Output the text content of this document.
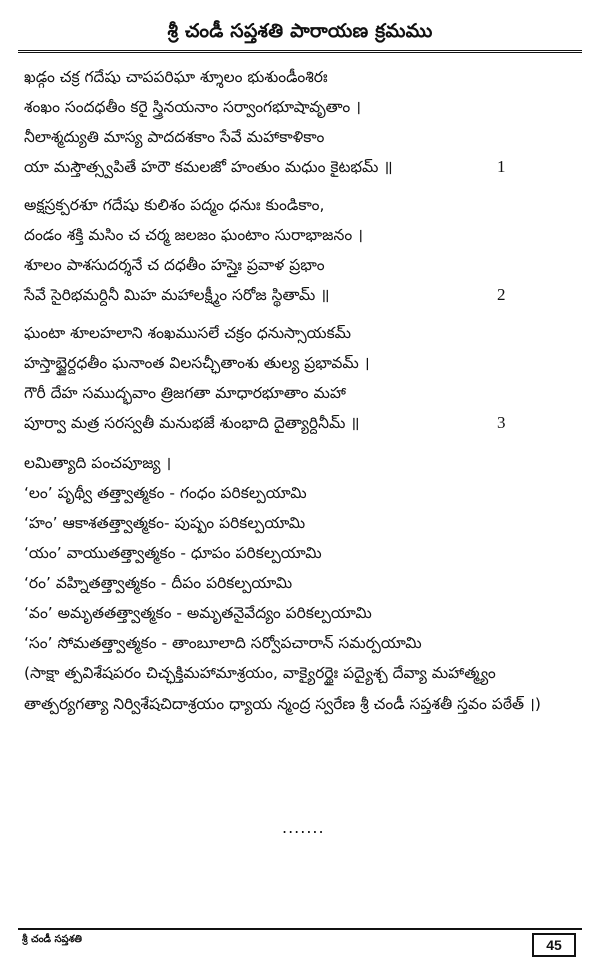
శ్రీ చండీ సప్తశతి పారాయణ క్రమము
ఖడ్గం చక్ర గదేషు చాపపరిఘా శ్శూలం భుశుండీంశిరః
శంఖం సందధతీం కరై స్త్రినయనాం సర్వాంగభూషావృతాం ।
నీలాశ్మద్యుతి మాస్య పాదదశకాం సేవే మహాకాళికాం
యా మస్తౌత్స్వపితే హరౌ కమలజో హంతుం మధుం కైటభమ్ ॥	1
అక్షస్రక్పరశూ గదేషు కులిశం పద్మం ధనుః కుండికాం,
దండం శక్తి మసిం చ చర్మ జలజం ఘంటాం సురాభాజనం ।
శూలం పాశసుదర్శనే చ దధతీం హస్తైః ప్రవాళ ప్రభాం
సేవే సైరిభమర్దినీ మిహ మహాలక్ష్మీం సరోజ స్థితామ్ ॥	2
ఘంటా శూలహలాని శంఖముసలే చక్రం ధనుస్సాయకమ్
హస్తాబ్జైర్దధతీం ఘనాంత విలసచ్ఛీతాంశు తుల్య ప్రభావమ్ ।
గౌరీ దేహ సముద్భవాం త్రిజగతా మాధారభూతాం మహా
పూర్వా మత్ర సరస్వతీ మనుభజే శుంభాది దైత్యార్దినీమ్ ॥	3
లమిత్యాది పంచపూజ్య ।
‘లం’ పృథ్వీ తత్త్వాత్మకం - గంధం పరికల్పయామి
‘హం’ ఆకాశతత్త్వాత్మకం- పుష్పం పరికల్పయామి
‘యం’ వాయుతత్త్వాత్మకం - ధూపం పరికల్పయామి
‘రం’ వహ్నితత్త్వాత్మకం - దీపం పరికల్పయామి
‘వం’ అమృతతత్త్వాత్మకం - అమృతనైవేద్యం పరికల్పయామి
‘సం’ సోమతత్త్వాత్మకం - తాంబూలాది సర్వోపచారాన్ సమర్పయామి
(సాక్షా త్పవిశేషపరం చిచ్ఛక్తిమహామాశ్రయం, వాక్యైరర్థైః పద్యైశ్చ దేవ్యా మహాత్మ్యం తాత్పర్యగత్యా నిర్విశేషచిదాశ్రయం ధ్యాయ న్మంద్ర స్వరేణ శ్రీ చండీ సప్తశతీ స్తవం పఠేత్ ।)
.......
శ్రీ చండీ సప్తశతి	45
